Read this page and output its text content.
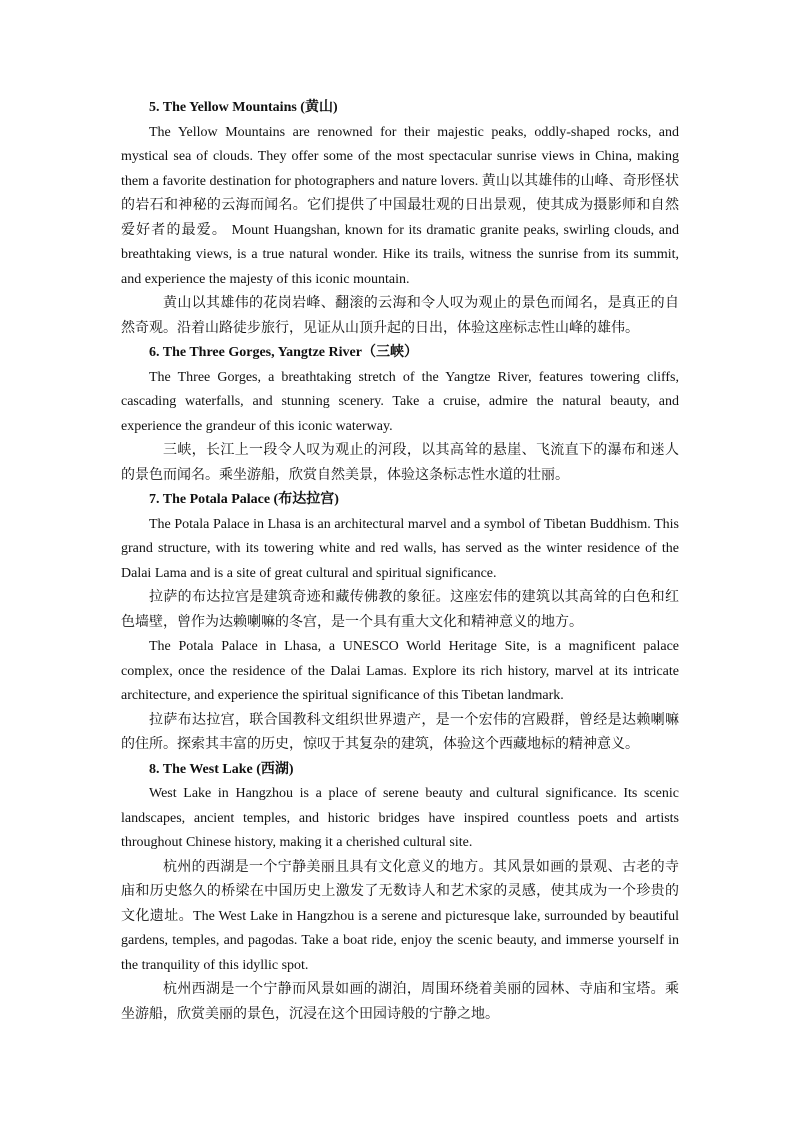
5. The Yellow Mountains (黄山)

The Yellow Mountains are renowned for their majestic peaks, oddly-shaped rocks, and mystical sea of clouds. They offer some of the most spectacular sunrise views in China, making them a favorite destination for photographers and nature lovers. 黄山以其雄伟的山峰、奇形怪状的岩石和神秘的云海而闻名。它们提供了中国最壮观的日出景观，使其成为摄影师和自然爱好者的最爱。 Mount Huangshan, known for its dramatic granite peaks, swirling clouds, and breathtaking views, is a true natural wonder. Hike its trails, witness the sunrise from its summit, and experience the majesty of this iconic mountain.

黄山以其雄伟的花岗岩峰、翻滚的云海和令人叹为观止的景色而闻名，是真正的自然奇观。沿着山路徒步旅行，见证从山顶升起的日出，体验这座标志性山峰的雄伟。

6. The Three Gorges, Yangtze River（三峡）

The Three Gorges, a breathtaking stretch of the Yangtze River, features towering cliffs, cascading waterfalls, and stunning scenery. Take a cruise, admire the natural beauty, and experience the grandeur of this iconic waterway.

三峡，长江上一段令人叹为观止的河段，以其高耸的悬崖、飞流直下的瀑布和迷人的景色而闻名。乘坐游船，欣赏自然美景，体验这条标志性水道的壮丽。

7. The Potala Palace (布达拉宫)

The Potala Palace in Lhasa is an architectural marvel and a symbol of Tibetan Buddhism. This grand structure, with its towering white and red walls, has served as the winter residence of the Dalai Lama and is a site of great cultural and spiritual significance.

拉萨的布达拉宫是建筑奇迹和藏传佛教的象征。这座宏伟的建筑以其高耸的白色和红色墙壁，曾作为达赖喇嘛的冬宫，是一个具有重大文化和精神意义的地方。

The Potala Palace in Lhasa, a UNESCO World Heritage Site, is a magnificent palace complex, once the residence of the Dalai Lamas. Explore its rich history, marvel at its intricate architecture, and experience the spiritual significance of this Tibetan landmark.

拉萨布达拉宫，联合国教科文组织世界遗产，是一个宏伟的宫殿群，曾经是达赖喇嘛的住所。探索其丰富的历史，惊叹于其复杂的建筑，体验这个西藏地标的精神意义。

8. The West Lake (西湖)

West Lake in Hangzhou is a place of serene beauty and cultural significance. Its scenic landscapes, ancient temples, and historic bridges have inspired countless poets and artists throughout Chinese history, making it a cherished cultural site.

杭州的西湖是一个宁静美丽且具有文化意义的地方。其风景如画的景观、古老的寺庙和历史悠久的桥梁在中国历史上激发了无数诗人和艺术家的灵感，使其成为一个珍贵的文化遗址。The West Lake in Hangzhou is a serene and picturesque lake, surrounded by beautiful gardens, temples, and pagodas. Take a boat ride, enjoy the scenic beauty, and immerse yourself in the tranquility of this idyllic spot.

杭州西湖是一个宁静而风景如画的湖泊，周围环绕着美丽的园林、寺庙和宝塔。乘坐游船，欣赏美丽的景色，沉浸在这个田园诗般的宁静之地。
